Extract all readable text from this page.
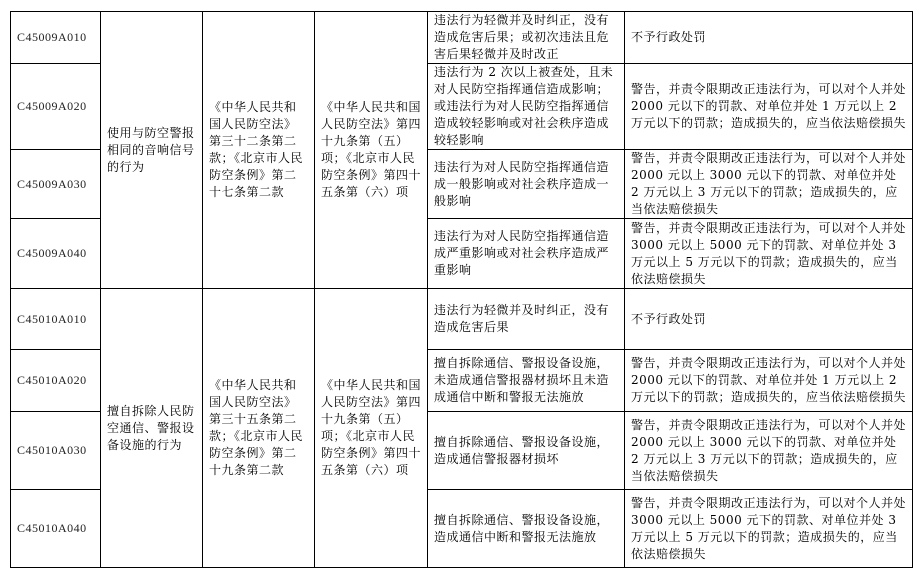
C45009A010	使用与防空警报相同的音响信号的行为	《中华人民共和国人民防空法》第三十二条第二款；《北京市人民防空条例》第二十七条第二款	《中华人民共和国人民防空法》第四十九条第（五）项；《北京市人民防空条例》第四十五条第（六）项	违法行为轻微并及时纠正，没有造成危害后果；或初次违法且危害后果轻微并及时改正	不予行政处罚
C45009A020				违法行为 2 次以上被查处，且未对人民防空指挥通信造成影响；或违法行为对人民防空指挥通信造成较轻影响或对社会秩序造成较轻影响	警告，并责令限期改正违法行为，可以对个人并处 2000 元以下的罚款、对单位并处 1 万元以上 2 万元以下的罚款；造成损失的，应当依法赔偿损失
C45009A030				违法行为对人民防空指挥通信造成一般影响或对社会秩序造成一般影响	警告，并责令限期改正违法行为，可以对个人并处 2000 元以上 3000 元以下的罚款、对单位并处 2 万元以上 3 万元以下的罚款；造成损失的，应当依法赔偿损失
C45009A040				违法行为对人民防空指挥通信造成严重影响或对社会秩序造成严重影响	警告，并责令限期改正违法行为，可以对个人并处 3000 元以上 5000 元下的罚款、对单位并处 3 万元以上 5 万元以下的罚款；造成损失的，应当依法赔偿损失
C45010A010	擅自拆除人民防空通信、警报设备设施的行为	《中华人民共和国人民防空法》第三十五条第二款；《北京市人民防空条例》第二十九条第二款	《中华人民共和国人民防空法》第四十九条第（五）项；《北京市人民防空条例》第四十五条第（六）项	违法行为轻微并及时纠正，没有造成危害后果	不予行政处罚
C45010A020				擅自拆除通信、警报设备设施，未造成通信警报器材损坏且未造成通信中断和警报无法施放	警告，并责令限期改正违法行为，可以对个人并处 2000 元以下的罚款、对单位并处 1 万元以上 2 万元以下的罚款；造成损失的，应当依法赔偿损失
C45010A030				擅自拆除通信、警报设备设施，造成通信警报器材损坏	警告，并责令限期改正违法行为，可以对个人并处 2000 元以上 3000 元以下的罚款、对单位并处 2 万元以上 3 万元以下的罚款；造成损失的，应当依法赔偿损失
C45010A040				擅自拆除通信、警报设备设施，造成通信中断和警报无法施放	警告，并责令限期改正违法行为，可以对个人并处 3000 元以上 5000 元下的罚款、对单位并处 3 万元以上 5 万元以下的罚款；造成损失的，应当依法赔偿损失
